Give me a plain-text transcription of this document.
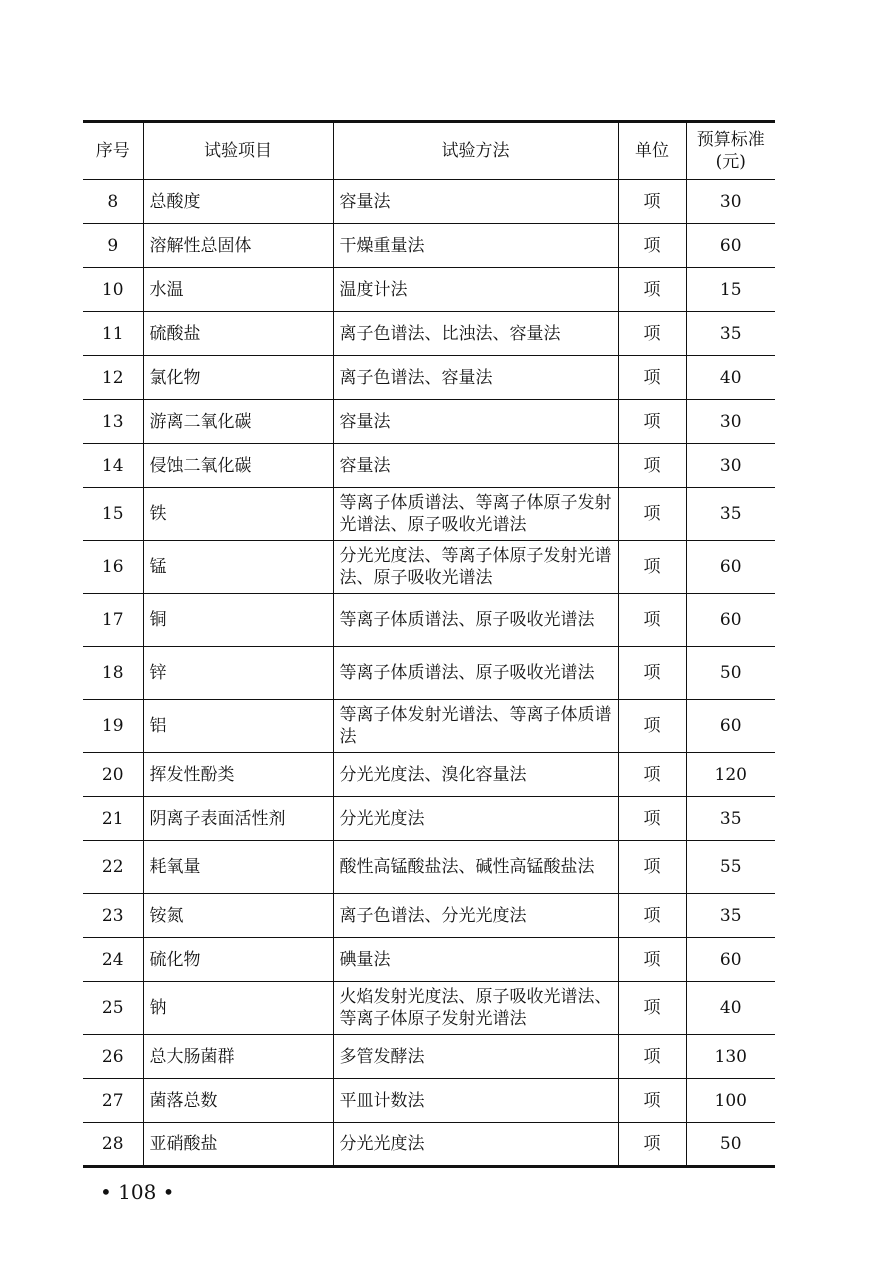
序号	试验项目	试验方法	单位	预算标准
(元)

8	总酸度	容量法	项	30
9	溶解性总固体	干燥重量法	项	60
10	水温	温度计法	项	15
11	硫酸盐	离子色谱法、比浊法、容量法	项	35
12	氯化物	离子色谱法、容量法	项	40
13	游离二氧化碳	容量法	项	30
14	侵蚀二氧化碳	容量法	项	30
15	铁	等离子体质谱法、等离子体原子发射光谱法、原子吸收光谱法	项	35
16	锰	分光光度法、等离子体原子发射光谱法、原子吸收光谱法	项	60
17	铜	等离子体质谱法、原子吸收光谱法	项	60
18	锌	等离子体质谱法、原子吸收光谱法	项	50
19	铝	等离子体发射光谱法、等离子体质谱法	项	60
20	挥发性酚类	分光光度法、溴化容量法	项	120
21	阴离子表面活性剂	分光光度法	项	35
22	耗氧量	酸性高锰酸盐法、碱性高锰酸盐法	项	55
23	铵氮	离子色谱法、分光光度法	项	35
24	硫化物	碘量法	项	60
25	钠	火焰发射光度法、原子吸收光谱法、等离子体原子发射光谱法	项	40
26	总大肠菌群	多管发酵法	项	130
27	菌落总数	平皿计数法	项	100
28	亚硝酸盐	分光光度法	项	50
• 108 •
